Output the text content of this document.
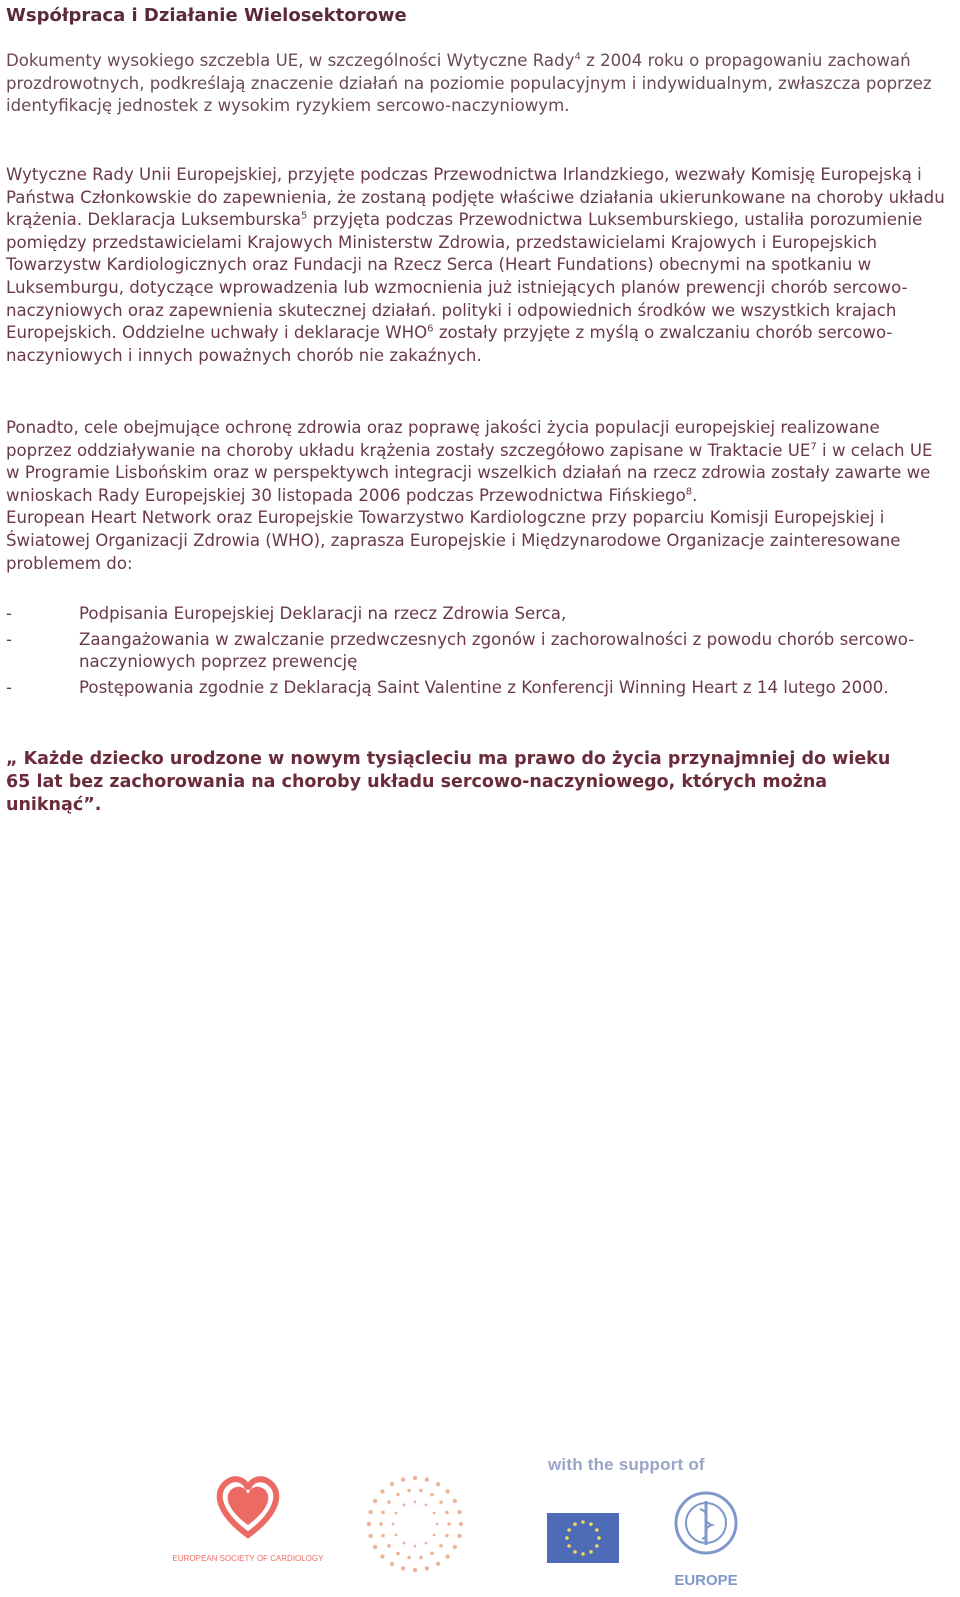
Współpraca i Działanie Wielosektorowe

Dokumenty wysokiego szczebla UE, w szczególności Wytyczne Rady$^4$ z 2004 roku o propagowaniu zachowań prozdrowotnych, podkreślają znaczenie działań na poziomie populacyjnym i indywidualnym, zwłaszcza poprzez identyfikację jednostek z wysokim ryzykiem sercowo-naczyniowym.

Wytyczne Rady Unii Europejskiej, przyjęte podczas Przewodnictwa Irlandzkiego, wezwały Komisję Europejską i Państwa Członkowskie do zapewnienia, że zostaną podjęte właściwe działania ukierunkowane na choroby układu krążenia. Deklaracja Luksemburska$^5$ przyjęta podczas Przewodnictwa Luksemburskiego, ustaliła porozumienie pomiędzy przedstawicielami Krajowych Ministerstw Zdrowia, przedstawicielami Krajowych i Europejskich Towarzystw Kardiologicznych oraz Fundacji na Rzecz Serca (Heart Fundations) obecnymi na spotkaniu w Luksemburgu, dotyczące wprowadzenia lub wzmocnienia już istniejących planów prewencji chorób sercowo-naczyniowych oraz zapewnienia skutecznej działań. polityki i odpowiednich środków we wszystkich krajach Europejskich. Oddzielne uchwały i deklaracje WHO$^6$ zostały przyjęte z myślą o zwalczaniu chorób sercowo-naczyniowych i innych poważnych chorób nie zakaźnych.

Ponadto, cele obejmujące ochronę zdrowia oraz poprawę jakości życia populacji europejskiej realizowane poprzez oddziaływanie na choroby układu krążenia zostały szczegółowo zapisane w Traktacie $UE^7$ i w celach UE w Programie Lisbońskim oraz w perspektywch integracji wszelkich działań na rzecz zdrowia zostały zawarte we wnioskach Rady Europejskiej 30 listopada 2006 podczas Przewodnictwa Fińskiego$^8$.
European Heart Network oraz Europejskie Towarzystwo Kardiologczne przy poparciu Komisji Europejskiej i Światowej Organizacji Zdrowia (WHO), zaprasza Europejskie i Międzynarodowe Organizacje zainteresowane problemem do:

-	Podpisania Europejskiej Deklaracji na rzecz Zdrowia Serca,
-	Zaangażowania w zwalczanie przedwczesnych zgonów i zachorowalności z powodu chorób sercowo-naczyniowych poprzez prewencję
-	Postępowania zgodnie z Deklaracją Saint Valentine z Konferencji Winning Heart z 14 lutego 2000.

„ Każde dziecko urodzone w nowym tysiącleciu ma prawo do życia przynajmniej do wieku 65 lat bez zachorowania na choroby układu sercowo-naczyniowego, których można uniknąć”.

with the support of
EUROPEAN SOCIETY OF CARDIOLOGY
EUROPE
